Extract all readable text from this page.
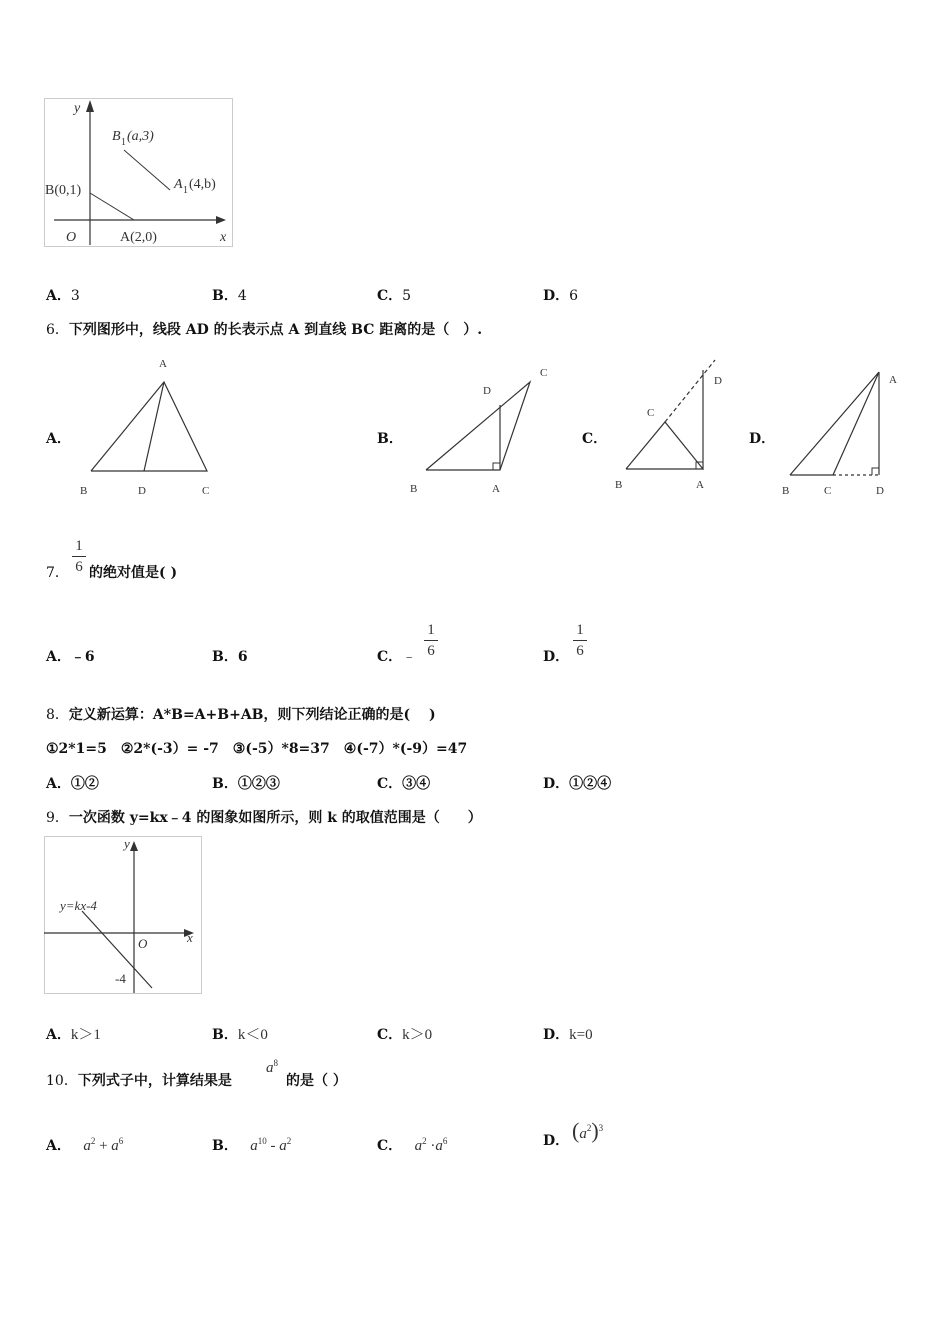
y
x
O
B(0,1)
A(2,0)
B 1 (a,3)
A 1 (4,b)
A．3	B．4	C．5	D．6
6．下列图形中，线段 AD 的长表示点 A 到直线 BC 距离的是（　）.
A．
A
B	D	C
B．
C
D
B	A
C．
C
D
B	A
D．
A
B	C	D
7．
1
6 的绝对值是( )
A．﹣6	B．6	C．﹣
1
6	D．
1
6
8．定义新运算：A*B=A+B+AB，则下列结论正确的是(　 )
①2*1=5　②2*(-3）= -7　③(-5）*8=37　④(-7）*(-9）=47
A．①②	B．①②③	C．③④	D．①②④
9．一次函数 y=kx﹣4 的图象如图所示，则 k 的取值范围是（　　）
y
x
O
y=kx-4
-4
A．k＞1	B．k＜0	C．k＞0	D．k=0
10．下列式子中，计算结果是
$a^8$
的是（ ）
A． $a^2 + a^6$	B． $a^{10} - a^2$	C． $a^2 \cdot a^6$	D． $(a^2)^3$
